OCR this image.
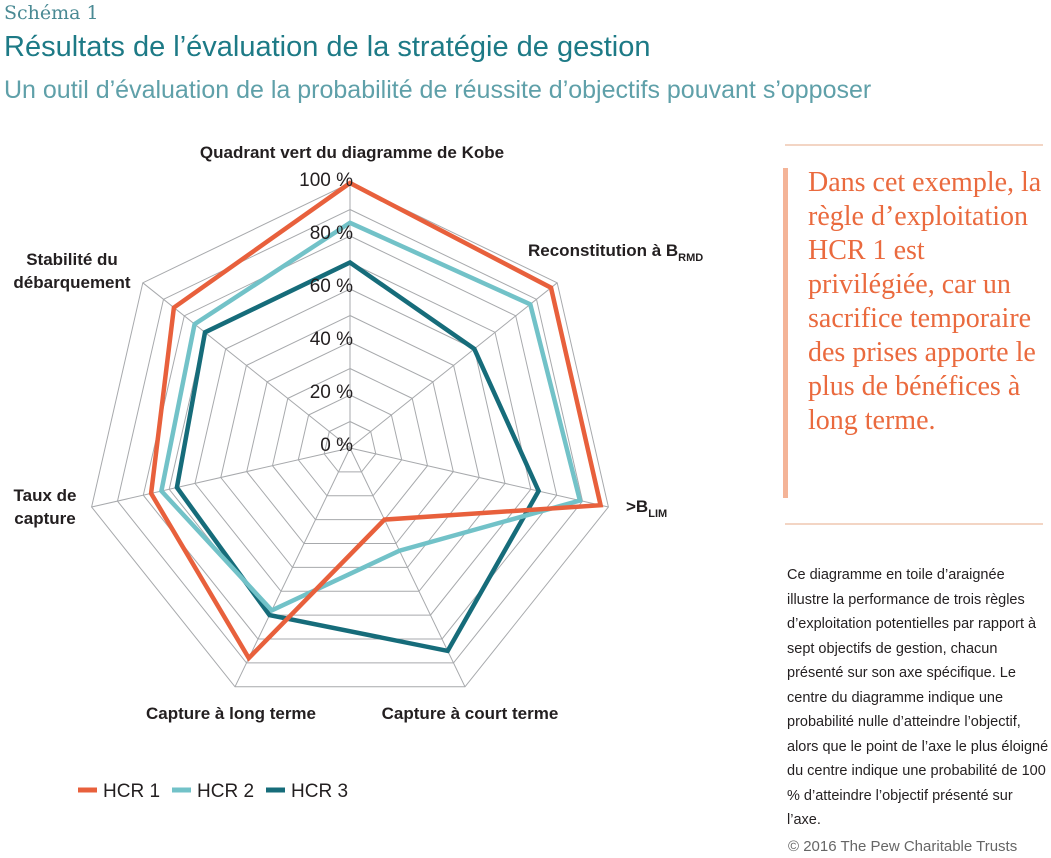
Schéma 1
Résultats de l’évaluation de la stratégie de gestion
Un outil d’évaluation de la probabilité de réussite d’objectifs pouvant s’opposer
0 %
20 %
40 %
60 %
80 %
100 %
Quadrant vert du diagramme de Kobe
Reconstitution à $B_{RMD}$
$>B_{LIM}$
Capture à court terme
Capture à long terme
Taux de
capture
Stabilité du
débarquement
HCR 1 HCR 2 HCR 3
Dans cet exemple, la règle d’exploitation HCR 1 est privilégiée, car un sacrifice temporaire des prises apporte le plus de bénéfices à long terme.
Ce diagramme en toile d’araignée illustre la performance de trois règles d’exploitation potentielles par rapport à sept objectifs de gestion, chacun présenté sur son axe spécifique. Le centre du diagramme indique une probabilité nulle d’atteindre l’objectif, alors que le point de l’axe le plus éloigné du centre indique une probabilité de 100 % d’atteindre l’objectif présenté sur l’axe.
© 2016 The Pew Charitable Trusts
